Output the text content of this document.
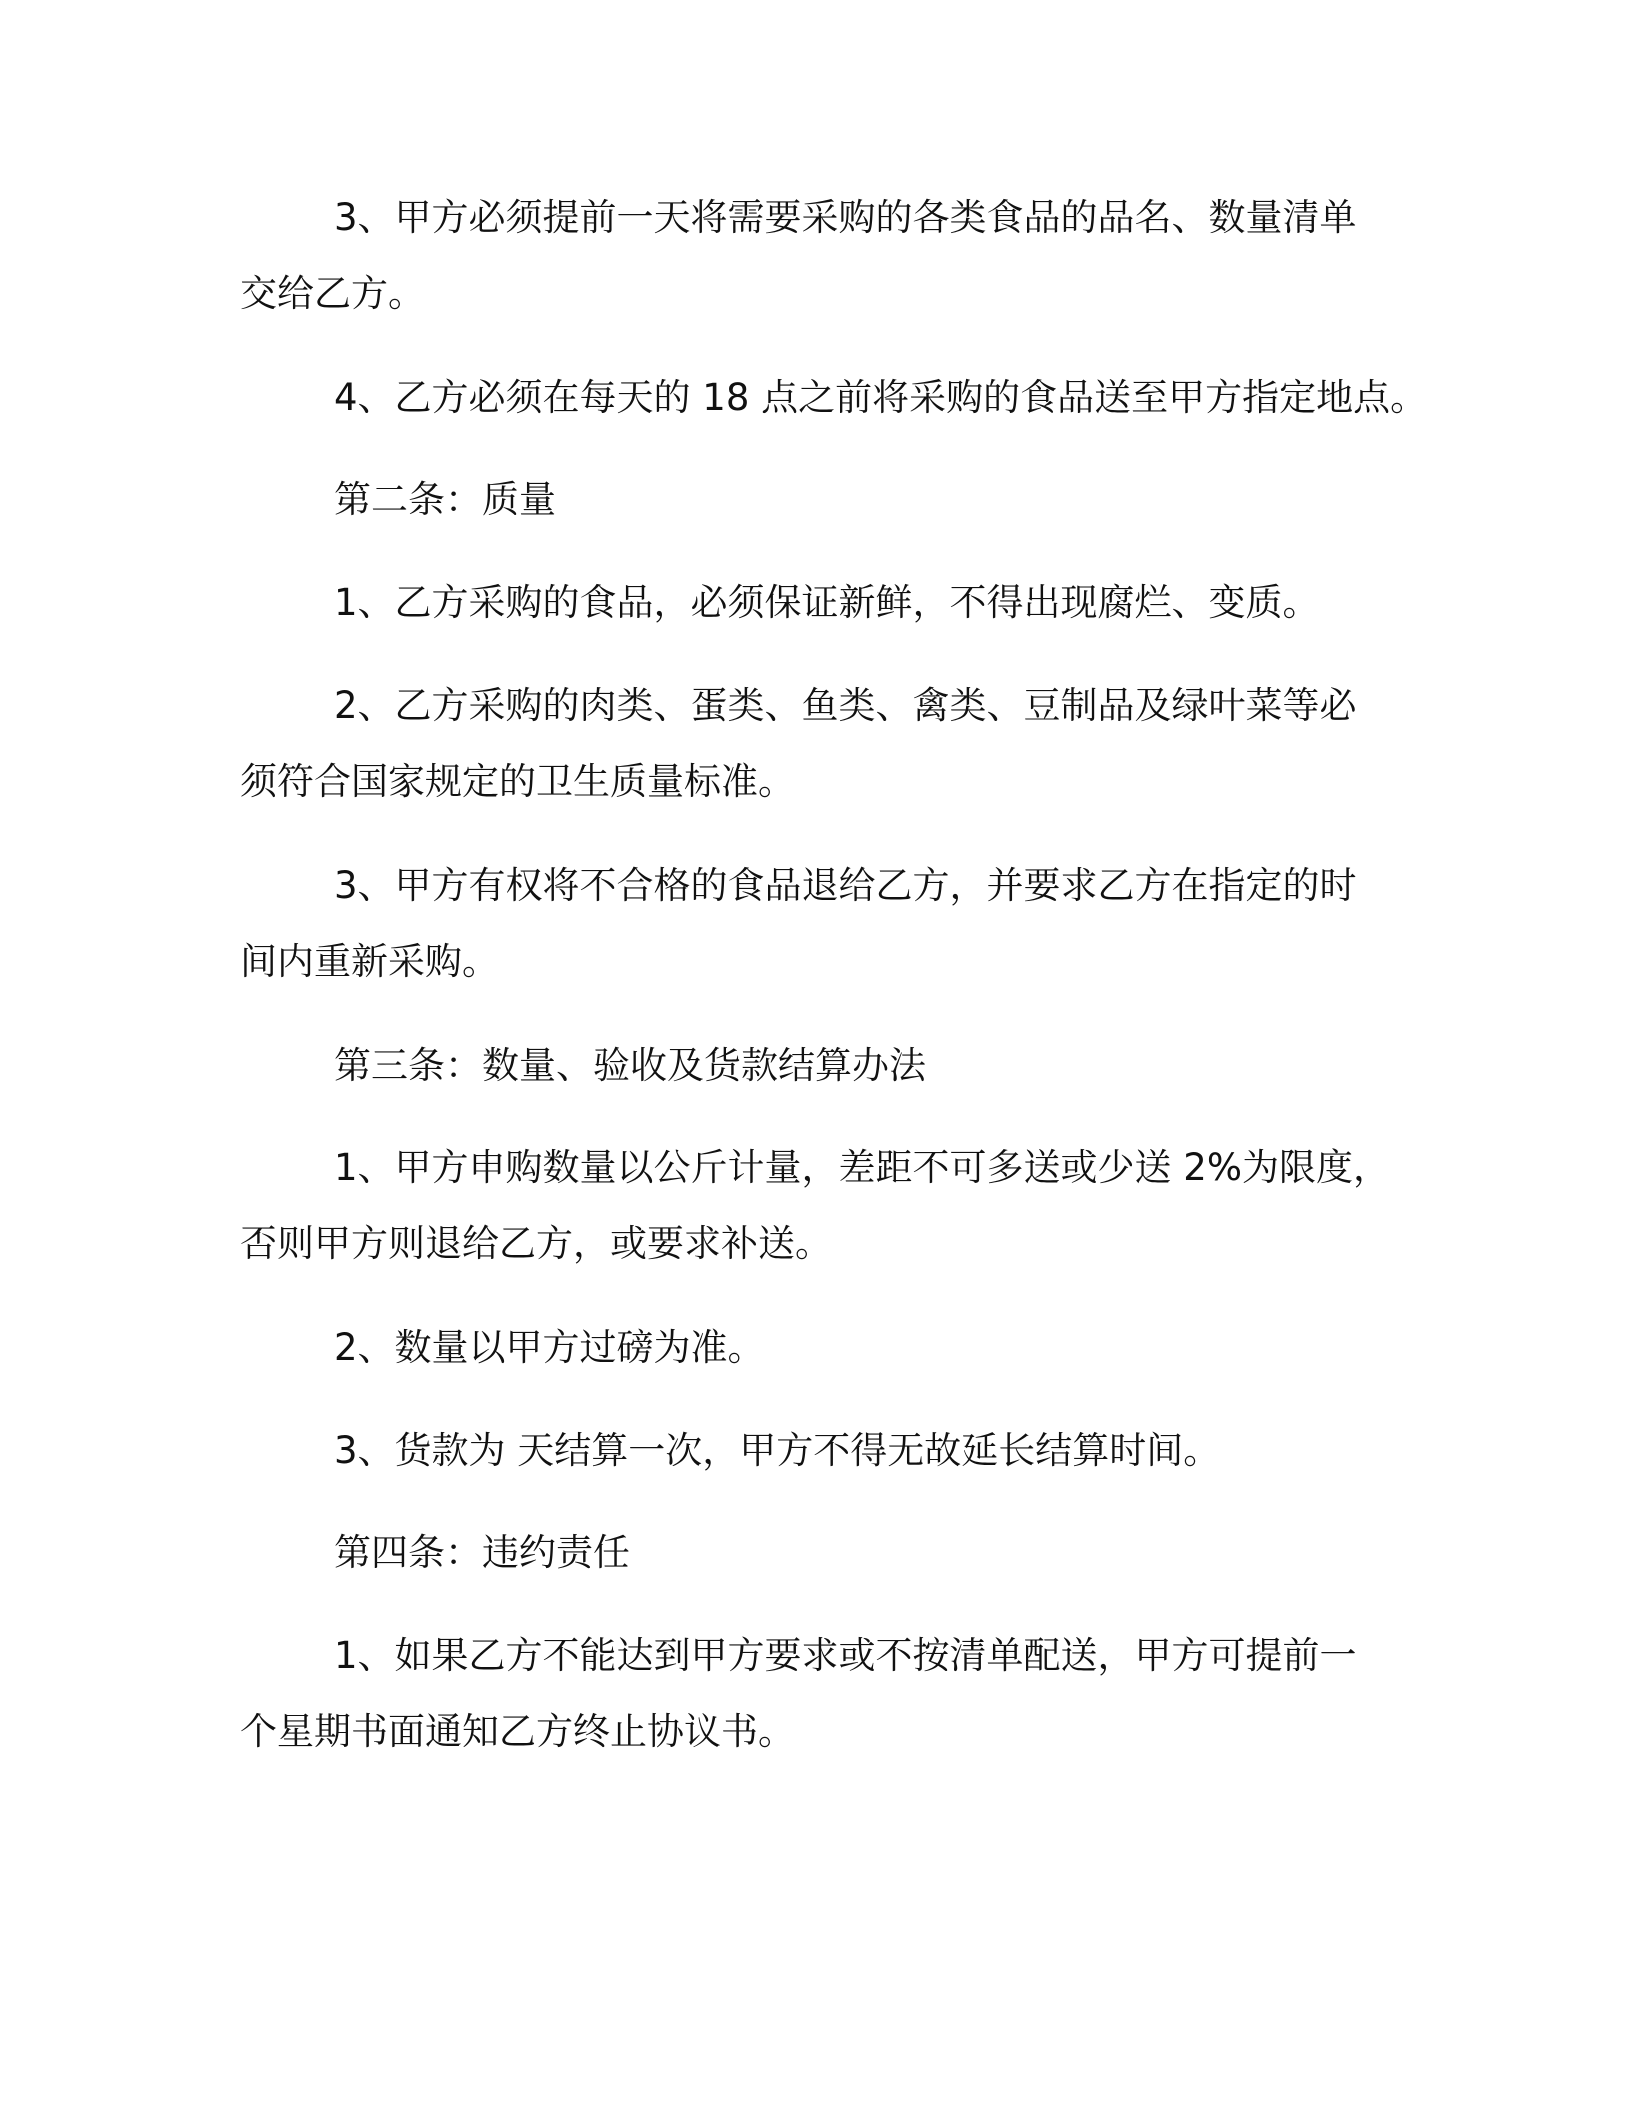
3、甲方必须提前一天将需要采购的各类食品的品名、数量清单
交给乙方。
4、乙方必须在每天的 18 点之前将采购的食品送至甲方指定地点。
第二条：质量
1、乙方采购的食品，必须保证新鲜，不得出现腐烂、变质。
2、乙方采购的肉类、蛋类、鱼类、禽类、豆制品及绿叶菜等必
须符合国家规定的卫生质量标准。
3、甲方有权将不合格的食品退给乙方，并要求乙方在指定的时
间内重新采购。
第三条：数量、验收及货款结算办法
1、甲方申购数量以公斤计量，差距不可多送或少送 2%为限度，
否则甲方则退给乙方，或要求补送。
2、数量以甲方过磅为准。
3、货款为 天结算一次，甲方不得无故延长结算时间。
第四条：违约责任
1、如果乙方不能达到甲方要求或不按清单配送，甲方可提前一
个星期书面通知乙方终止协议书。
